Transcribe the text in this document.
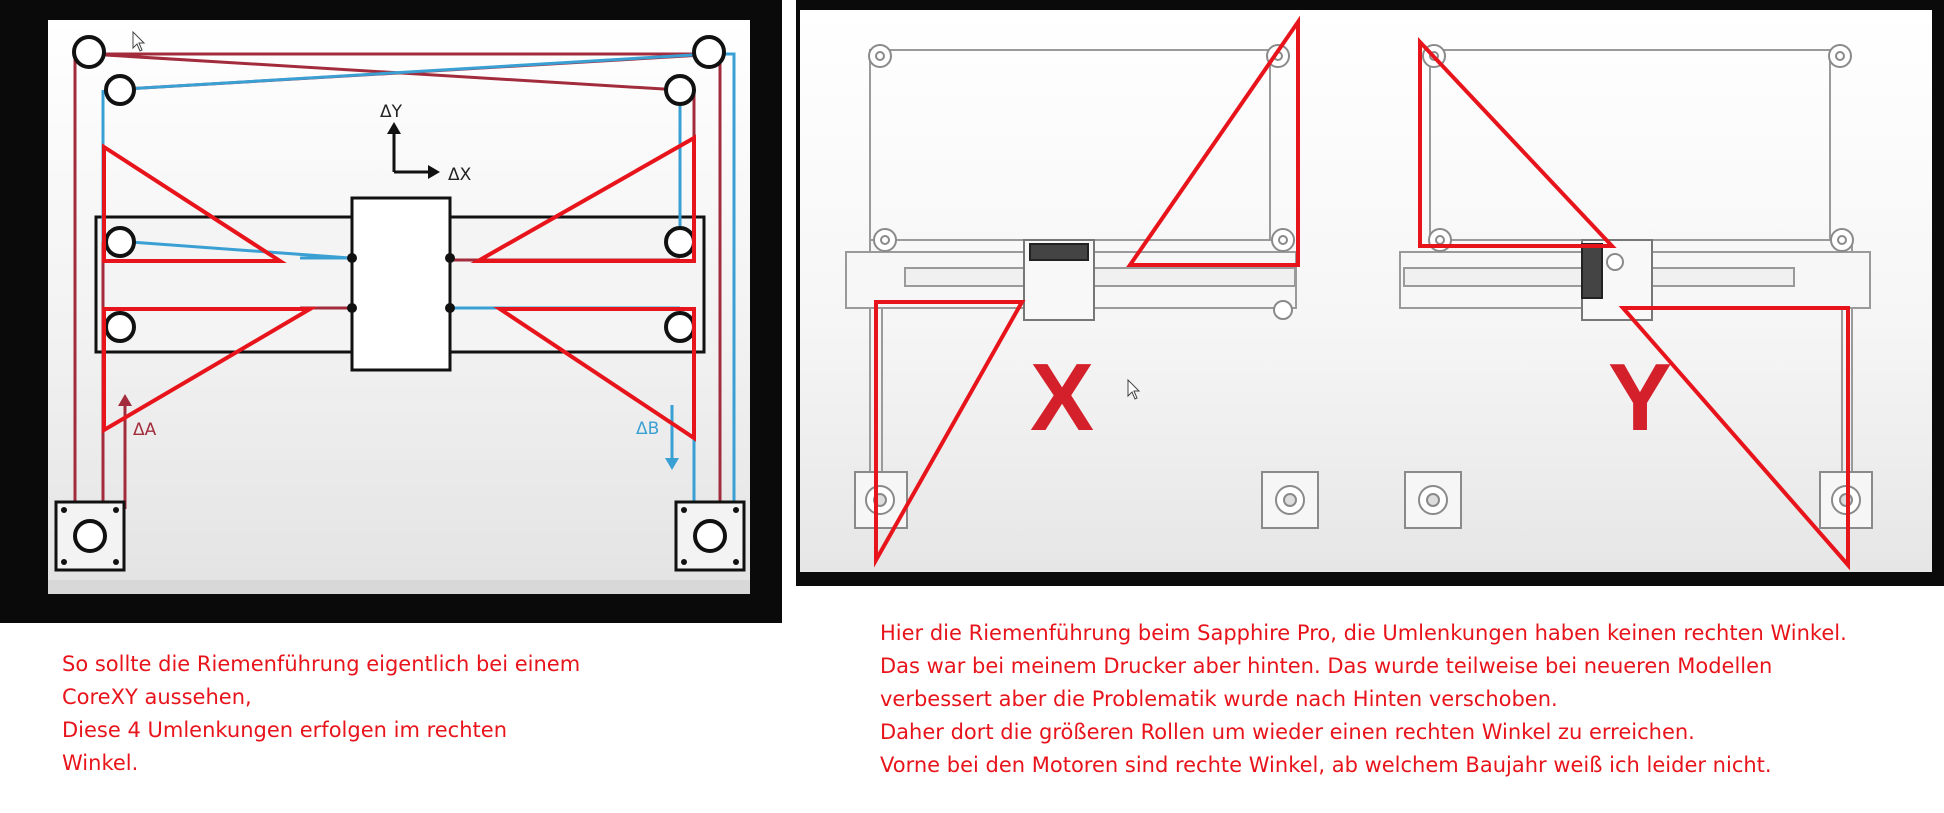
ΔY
ΔX
ΔA	ΔB	X	Y
So sollte die Riemenführung eigentlich bei einem
CoreXY aussehen,
Diese 4 Umlenkungen erfolgen im rechten
Winkel.
Hier die Riemenführung beim Sapphire Pro, die Umlenkungen haben keinen rechten Winkel.
Das war bei meinem Drucker aber hinten. Das wurde teilweise bei neueren Modellen
verbessert aber die Problematik wurde nach Hinten verschoben.
Daher dort die größeren Rollen um wieder einen rechten Winkel zu erreichen.
Vorne bei den Motoren sind rechte Winkel, ab welchem Baujahr weiß ich leider nicht.
